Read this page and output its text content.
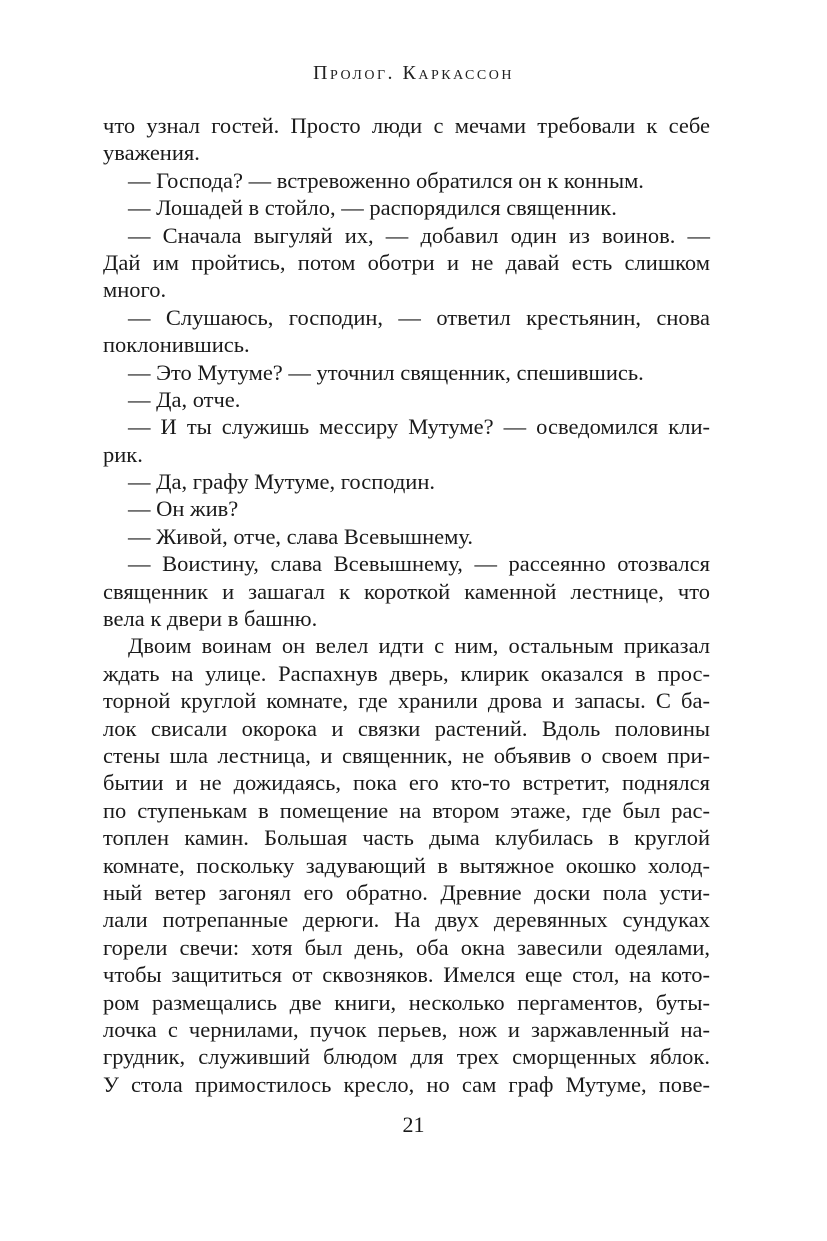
Пролог. Каркассон
что узнал гостей. Просто люди с мечами требовали к себе
уважения.
— Господа? — встревоженно обратился он к конным.
— Лошадей в стойло, — распорядился священник.
— Сначала выгуляй их, — добавил один из воинов. —
Дай им пройтись, потом оботри и не давай есть слишком
много.
— Слушаюсь, господин, — ответил крестьянин, снова
поклонившись.
— Это Мутуме? — уточнил священник, спешившись.
— Да, отче.
— И ты служишь мессиру Мутуме? — осведомился кли-
рик.
— Да, графу Мутуме, господин.
— Он жив?
— Живой, отче, слава Всевышнему.
— Воистину, слава Всевышнему, — рассеянно отозвался
священник и зашагал к короткой каменной лестнице, что
вела к двери в башню.
Двоим воинам он велел идти с ним, остальным приказал
ждать на улице. Распахнув дверь, клирик оказался в прос-
торной круглой комнате, где хранили дрова и запасы. С ба-
лок свисали окорока и связки растений. Вдоль половины
стены шла лестница, и священник, не объявив о своем при-
бытии и не дожидаясь, пока его кто-то встретит, поднялся
по ступенькам в помещение на втором этаже, где был рас-
топлен камин. Большая часть дыма клубилась в круглой
комнате, поскольку задувающий в вытяжное окошко холод-
ный ветер загонял его обратно. Древние доски пола усти-
лали потрепанные дерюги. На двух деревянных сундуках
горели свечи: хотя был день, оба окна завесили одеялами,
чтобы защититься от сквозняков. Имелся еще стол, на кото-
ром размещались две книги, несколько пергаментов, буты-
лочка с чернилами, пучок перьев, нож и заржавленный на-
грудник, служивший блюдом для трех сморщенных яблок.
У стола примостилось кресло, но сам граф Мутуме, пове-
21
